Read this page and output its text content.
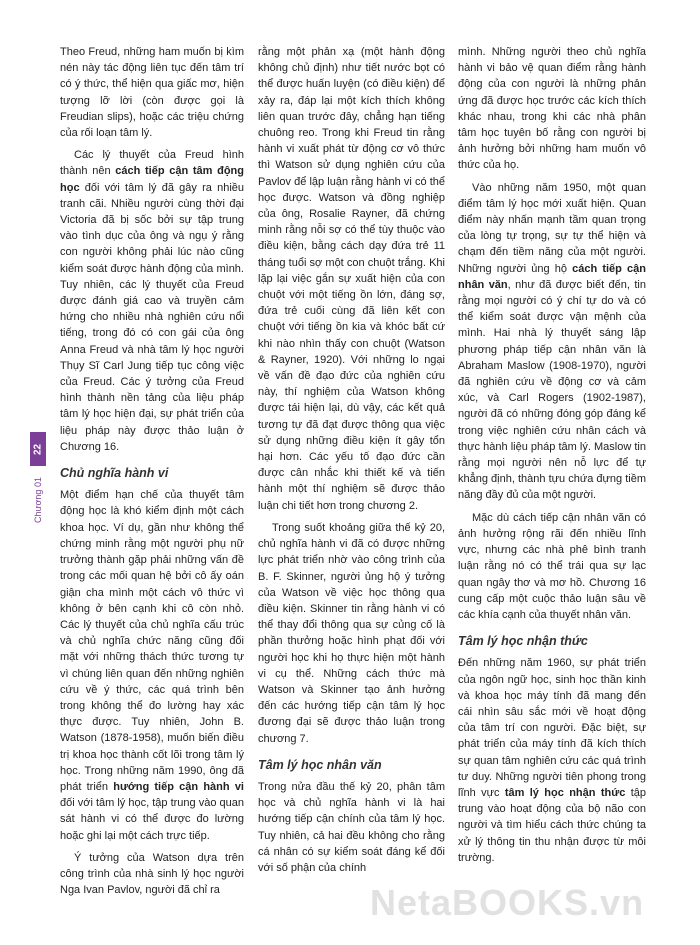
22
Chương 01

Theo Freud, những ham muốn bị kìm nén này tác động liên tục đến tâm trí có ý thức, thể hiện qua giấc mơ, hiện tượng lỡ lời (còn được gọi là Freudian slips), hoặc các triệu chứng của rối loạn tâm lý.

Các lý thuyết của Freud hình thành nên cách tiếp cận tâm động học đối với tâm lý đã gây ra nhiều tranh cãi. Nhiều người cùng thời đại Victoria đã bị sốc bởi sự tập trung vào tình dục của ông và ngụ ý rằng con người không phải lúc nào cũng kiểm soát được hành động của mình. Tuy nhiên, các lý thuyết của Freud được đánh giá cao và truyền cảm hứng cho nhiều nhà nghiên cứu nổi tiếng, trong đó có con gái của ông Anna Freud và nhà tâm lý học người Thụy Sĩ Carl Jung tiếp tục công việc của Freud. Các ý tưởng của Freud hình thành nền tảng của liệu pháp tâm lý học hiện đại, sự phát triển của liệu pháp này được thảo luận ở Chương 16.

Chủ nghĩa hành vi

Một điểm hạn chế của thuyết tâm động học là khó kiểm định một cách khoa học. Ví dụ, gần như không thể chứng minh rằng một người phụ nữ trưởng thành gặp phải những vấn đề trong các mối quan hệ bởi cô ấy oán giận cha mình một cách vô thức vì không ở bên cạnh khi cô còn nhỏ. Các lý thuyết của chủ nghĩa cấu trúc và chủ nghĩa chức năng cũng đối mặt với những thách thức tương tự vì chúng liên quan đến những nghiên cứu về ý thức, các quá trình bên trong không thể đo lường hay xác thực được. Tuy nhiên, John B. Watson (1878-1958), muốn biến điều trị khoa học thành cốt lõi trong tâm lý học. Trong những năm 1990, ông đã phát triển hướng tiếp cận hành vi đối với tâm lý học, tập trung vào quan sát hành vi có thể được đo lường hoặc ghi lại một cách trực tiếp.

Ý tưởng của Watson dựa trên công trình của nhà sinh lý học người Nga Ivan Pavlov, người đã chỉ ra

rằng một phản xạ (một hành động không chủ định) như tiết nước bọt có thể được huấn luyện (có điều kiện) để xảy ra, đáp lại một kích thích không liên quan trước đây, chẳng hạn tiếng chuông reo. Trong khi Freud tin rằng hành vi xuất phát từ động cơ vô thức thì Watson sử dụng nghiên cứu của Pavlov để lập luận rằng hành vi có thể học được. Watson và đồng nghiệp của ông, Rosalie Rayner, đã chứng minh rằng nỗi sợ có thể tùy thuộc vào điều kiện, bằng cách dạy đứa trẻ 11 tháng tuổi sợ một con chuột trắng. Khi lặp lại việc gắn sự xuất hiện của con chuột với một tiếng ồn lớn, đáng sợ, đứa trẻ cuối cùng đã liên kết con chuột với tiếng ồn kia và khóc bất cứ khi nào nhìn thấy con chuột (Watson & Rayner, 1920). Với những lo ngại về vấn đề đạo đức của nghiên cứu này, thí nghiệm của Watson không được tái hiện lại, dù vậy, các kết quả tương tự đã đạt được thông qua việc sử dụng những điều kiện ít gây tổn hại hơn. Các yếu tố đạo đức cần được cân nhắc khi thiết kế và tiến hành một thí nghiệm sẽ được thảo luận chi tiết hơn trong chương 2.

Trong suốt khoảng giữa thế kỷ 20, chủ nghĩa hành vi đã có được những lực phát triển nhờ vào công trình của B. F. Skinner, người ủng hộ ý tưởng của Watson về việc học thông qua điều kiện. Skinner tin rằng hành vi có thể thay đổi thông qua sự củng cố là phần thưởng hoặc hình phạt đối với người học khi họ thực hiện một hành vi cụ thể. Những cách thức mà Watson và Skinner tạo ảnh hưởng đến các hướng tiếp cận tâm lý học đương đại sẽ được thảo luận trong chương 7.

Tâm lý học nhân văn

Trong nửa đầu thế kỷ 20, phân tâm học và chủ nghĩa hành vi là hai hướng tiếp cận chính của tâm lý học. Tuy nhiên, cả hai đều không cho rằng cá nhân có sự kiểm soát đáng kể đối với số phận của chính

mình. Những người theo chủ nghĩa hành vi bảo vệ quan điểm rằng hành động của con người là những phản ứng đã được học trước các kích thích khác nhau, trong khi các nhà phân tâm học tuyên bố rằng con người bị ảnh hưởng bởi những ham muốn vô thức của họ.

Vào những năm 1950, một quan điểm tâm lý học mới xuất hiện. Quan điểm này nhấn mạnh tầm quan trọng của lòng tự trọng, sự tự thể hiện và chạm đến tiềm năng của một người. Những người ủng hộ cách tiếp cận nhân văn, như đã được biết đến, tin rằng mọi người có ý chí tự do và có thể kiểm soát được vận mệnh của mình. Hai nhà lý thuyết sáng lập phương pháp tiếp cận nhân văn là Abraham Maslow (1908-1970), người đã nghiên cứu về động cơ và cảm xúc, và Carl Rogers (1902-1987), người đã có những đóng góp đáng kể trong việc nghiên cứu nhân cách và thực hành liệu pháp tâm lý. Maslow tin rằng mọi người nên nỗ lực để tự khẳng định, thành tựu chứa đựng tiềm năng đầy đủ của một người.

Mặc dù cách tiếp cận nhân văn có ảnh hưởng rộng rãi đến nhiều lĩnh vực, nhưng các nhà phê bình tranh luận rằng nó có thể trái qua sự lạc quan ngây thơ và mơ hồ. Chương 16 cung cấp một cuộc thảo luận sâu về các khía cạnh của thuyết nhân văn.

Tâm lý học nhận thức

Đến những năm 1960, sự phát triển của ngôn ngữ học, sinh học thần kinh và khoa học máy tính đã mang đến cái nhìn sâu sắc mới về hoạt động của tâm trí con người. Đặc biệt, sự phát triển của máy tính đã kích thích sự quan tâm nghiên cứu các quá trình tư duy. Những người tiên phong trong lĩnh vực tâm lý học nhận thức tập trung vào hoạt động của bộ não con người và tìm hiểu cách thức chúng ta xử lý thông tin thu nhận được từ môi trường.

NetaBOOKS.vn
